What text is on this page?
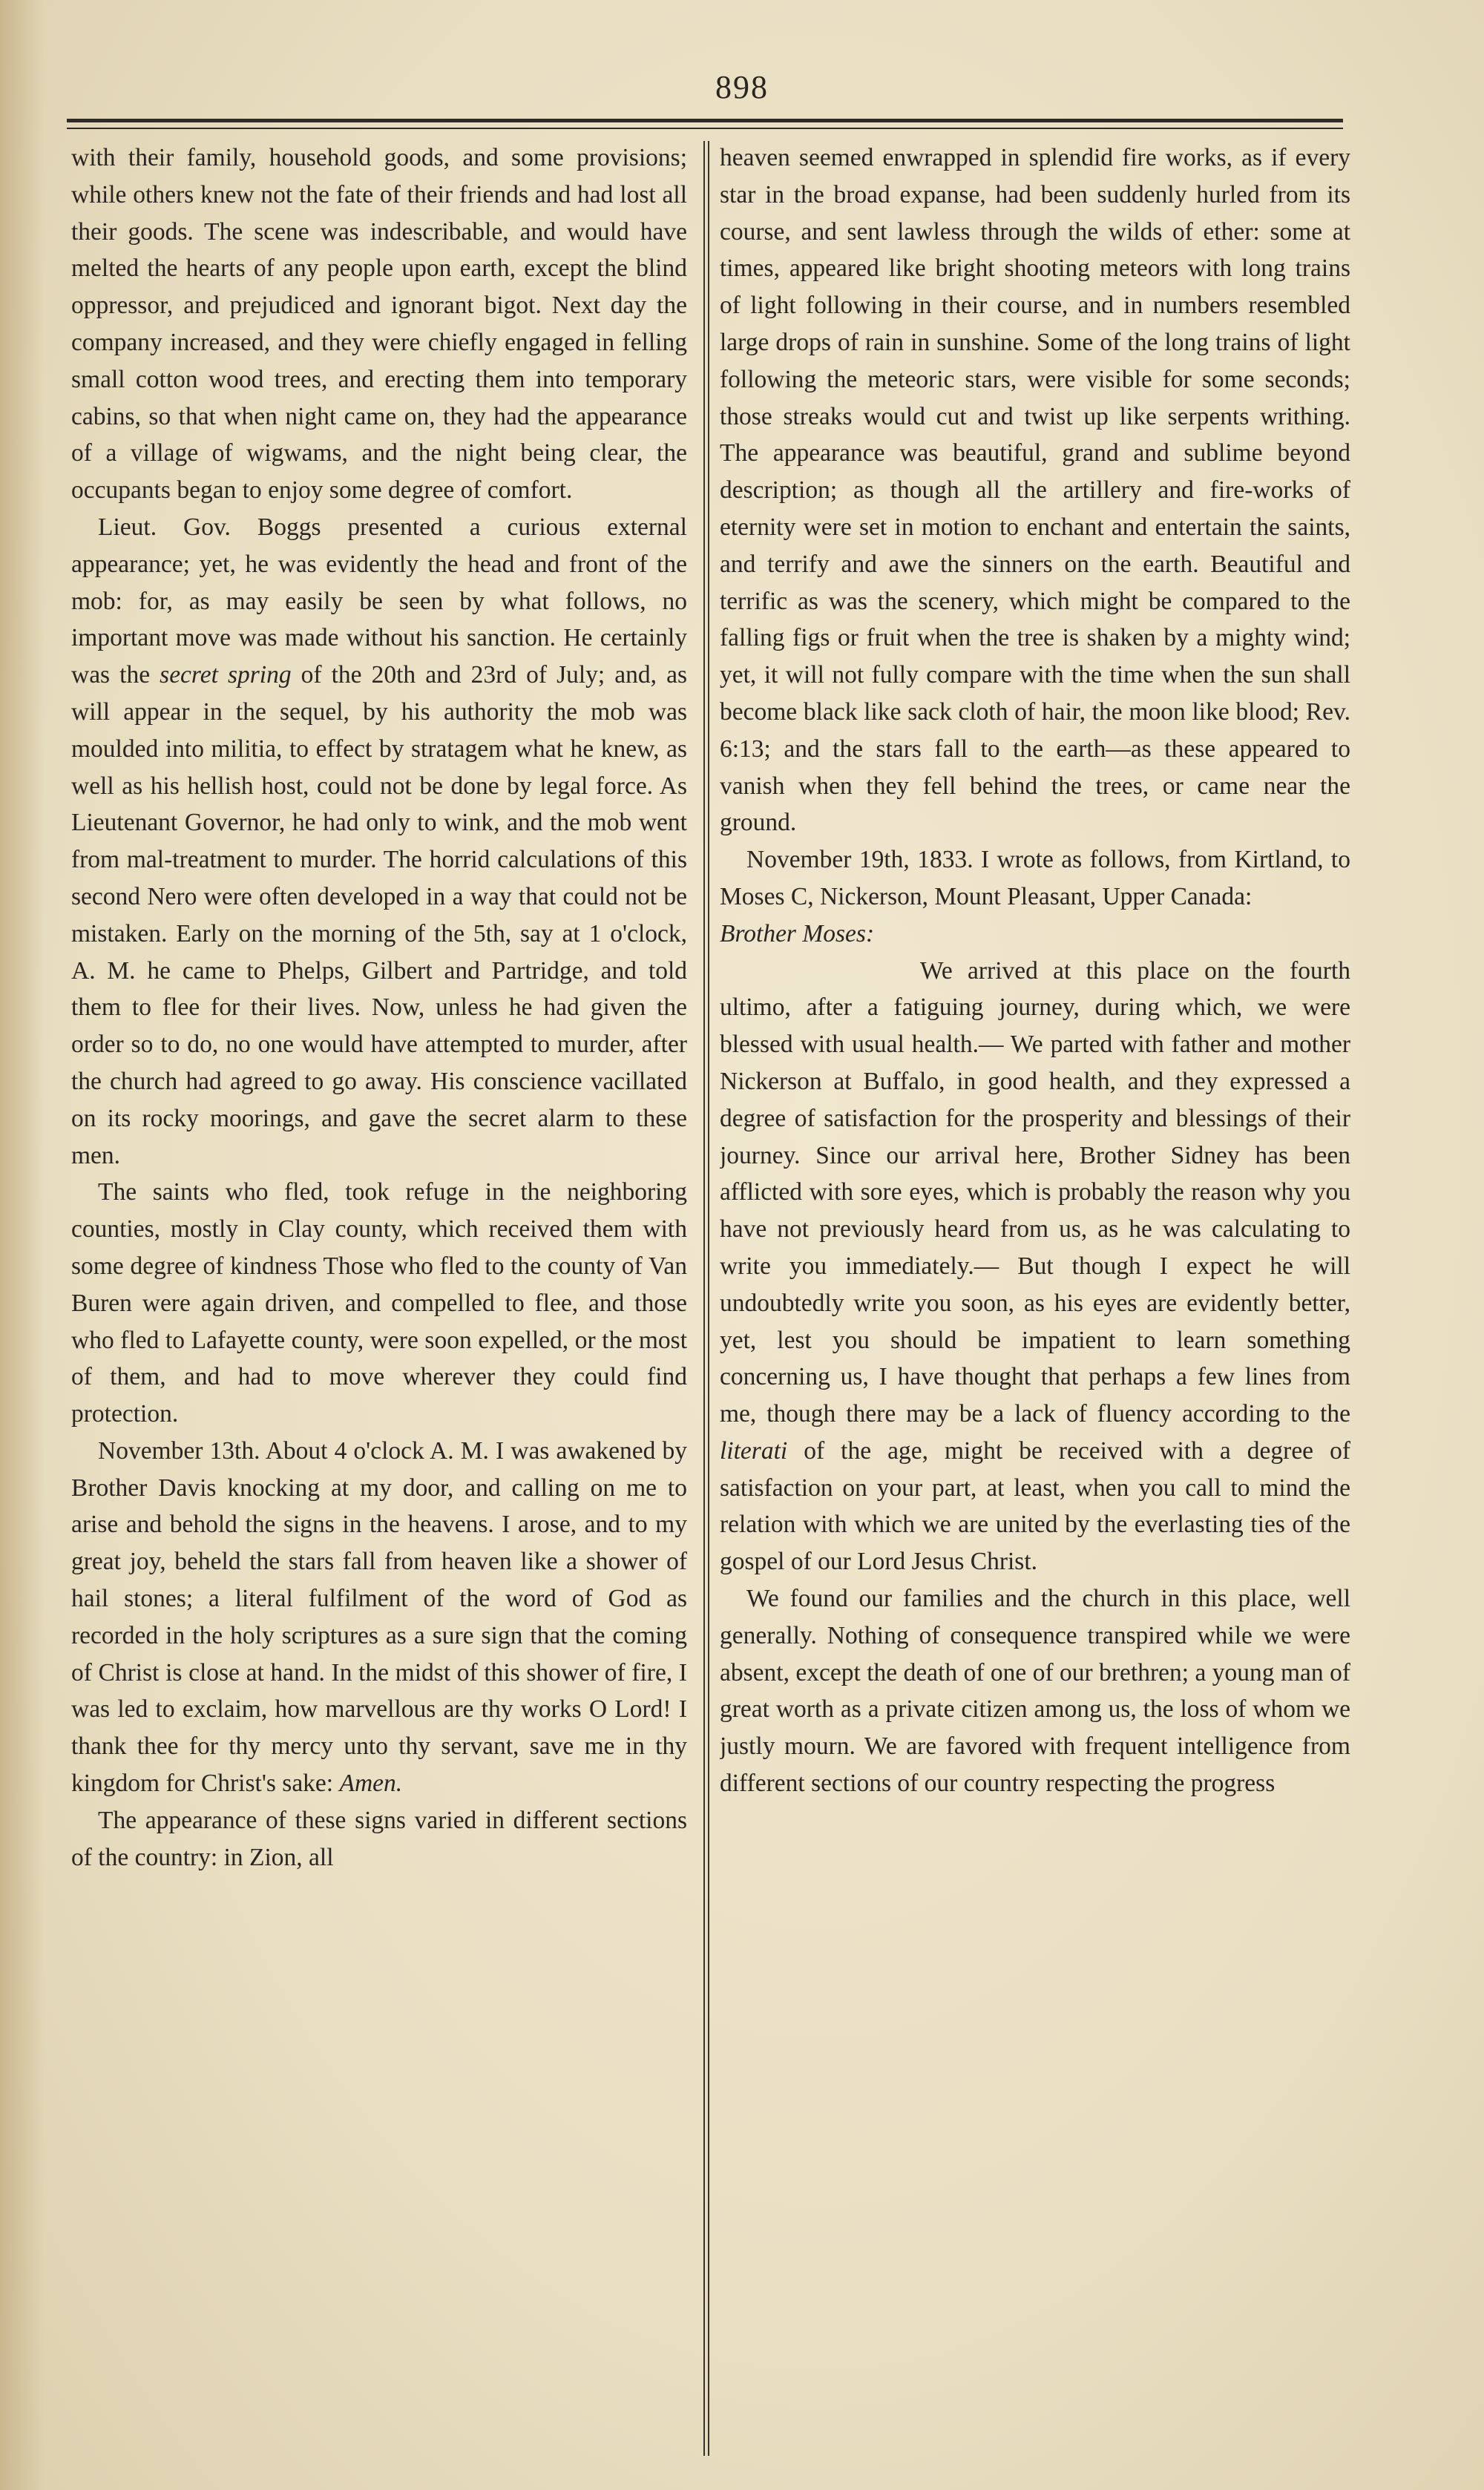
898

with their family, household goods, and some provisions; while others knew not the fate of their friends and had lost all their goods. The scene was indescribable, and would have melted the hearts of any people upon earth, except the blind oppressor, and prejudiced and ignorant bigot. Next day the company increased, and they were chiefly engaged in felling small cotton wood trees, and erecting them into temporary cabins, so that when night came on, they had the appearance of a village of wigwams, and the night being clear, the occupants began to enjoy some degree of comfort.

Lieut. Gov. Boggs presented a curious external appearance; yet, he was evidently the head and front of the mob: for, as may easily be seen by what follows, no important move was made without his sanction. He certainly was the secret spring of the 20th and 23rd of July; and, as will appear in the sequel, by his authority the mob was moulded into militia, to effect by stratagem what he knew, as well as his hellish host, could not be done by legal force. As Lieutenant Governor, he had only to wink, and the mob went from mal-treatment to murder. The horrid calculations of this second Nero were often developed in a way that could not be mistaken. Early on the morning of the 5th, say at 1 o'clock, A. M. he came to Phelps, Gilbert and Partridge, and told them to flee for their lives. Now, unless he had given the order so to do, no one would have attempted to murder, after the church had agreed to go away. His conscience vacillated on its rocky moorings, and gave the secret alarm to these men.

The saints who fled, took refuge in the neighboring counties, mostly in Clay county, which received them with some degree of kindness Those who fled to the county of Van Buren were again driven, and compelled to flee, and those who fled to Lafayette county, were soon expelled, or the most of them, and had to move wherever they could find protection.

November 13th. About 4 o'clock A. M. I was awakened by Brother Davis knocking at my door, and calling on me to arise and behold the signs in the heavens. I arose, and to my great joy, beheld the stars fall from heaven like a shower of hail stones; a literal fulfilment of the word of God as recorded in the holy scriptures as a sure sign that the coming of Christ is close at hand. In the midst of this shower of fire, I was led to exclaim, how marvellous are thy works O Lord! I thank thee for thy mercy unto thy servant, save me in thy kingdom for Christ's sake: Amen.

The appearance of these signs varied in different sections of the country: in Zion, all

heaven seemed enwrapped in splendid fire works, as if every star in the broad expanse, had been suddenly hurled from its course, and sent lawless through the wilds of ether: some at times, appeared like bright shooting meteors with long trains of light following in their course, and in numbers resembled large drops of rain in sunshine. Some of the long trains of light following the meteoric stars, were visible for some seconds; those streaks would cut and twist up like serpents writhing. The appearance was beautiful, grand and sublime beyond description; as though all the artillery and fire-works of eternity were set in motion to enchant and entertain the saints, and terrify and awe the sinners on the earth. Beautiful and terrific as was the scenery, which might be compared to the falling figs or fruit when the tree is shaken by a mighty wind; yet, it will not fully compare with the time when the sun shall become black like sack cloth of hair, the moon like blood; Rev. 6:13; and the stars fall to the earth—as these appeared to vanish when they fell behind the trees, or came near the ground.

November 19th, 1833. I wrote as follows, from Kirtland, to Moses C, Nickerson, Mount Pleasant, Upper Canada:

Brother Moses:

We arrived at this place on the fourth ultimo, after a fatiguing journey, during which, we were blessed with usual health.— We parted with father and mother Nickerson at Buffalo, in good health, and they expressed a degree of satisfaction for the prosperity and blessings of their journey. Since our arrival here, Brother Sidney has been afflicted with sore eyes, which is probably the reason why you have not previously heard from us, as he was calculating to write you immediately.— But though I expect he will undoubtedly write you soon, as his eyes are evidently better, yet, lest you should be impatient to learn something concerning us, I have thought that perhaps a few lines from me, though there may be a lack of fluency according to the literati of the age, might be received with a degree of satisfaction on your part, at least, when you call to mind the relation with which we are united by the everlasting ties of the gospel of our Lord Jesus Christ.

We found our families and the church in this place, well generally. Nothing of consequence transpired while we were absent, except the death of one of our brethren; a young man of great worth as a private citizen among us, the loss of whom we justly mourn. We are favored with frequent intelligence from different sections of our country respecting the progress
